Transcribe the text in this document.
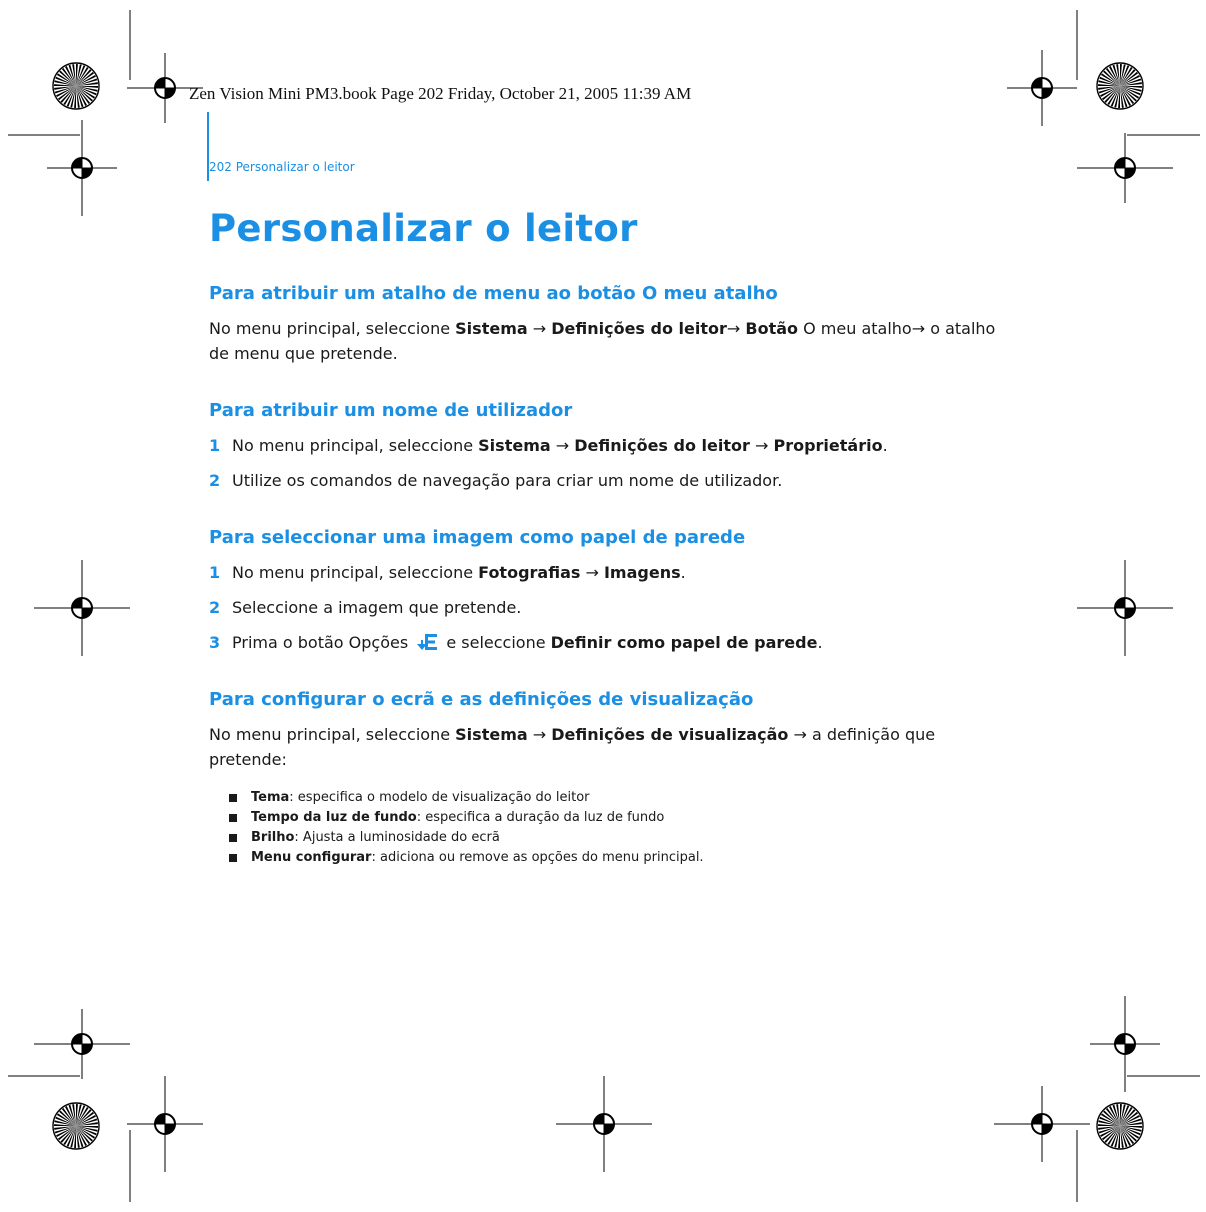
Zen Vision Mini PM3.book Page 202 Friday, October 21, 2005 11:39 AM

202 Personalizar o leitor

Personalizar o leitor
Para atribuir um atalho de menu ao botão O meu atalho

No menu principal, seleccione Sistema → Definições do leitor→ Botão O meu atalho→ o atalho de menu que pretende.

Para atribuir um nome de utilizador
1 No menu principal, seleccione Sistema → Definições do leitor → Proprietário.
2 Utilize os comandos de navegação para criar um nome de utilizador.
Para seleccionar uma imagem como papel de parede
1 No menu principal, seleccione Fotografias → Imagens.
2 Seleccione a imagem que pretende.
3 Prima o botão Opções  e seleccione Definir como papel de parede.
Para configurar o ecrã e as definições de visualização

No menu principal, seleccione Sistema → Definições de visualização → a definição que pretende:

Tema: especifica o modelo de visualização do leitor
Tempo da luz de fundo: especifica a duração da luz de fundo
Brilho: Ajusta a luminosidade do ecrã
Menu configurar: adiciona ou remove as opções do menu principal.
